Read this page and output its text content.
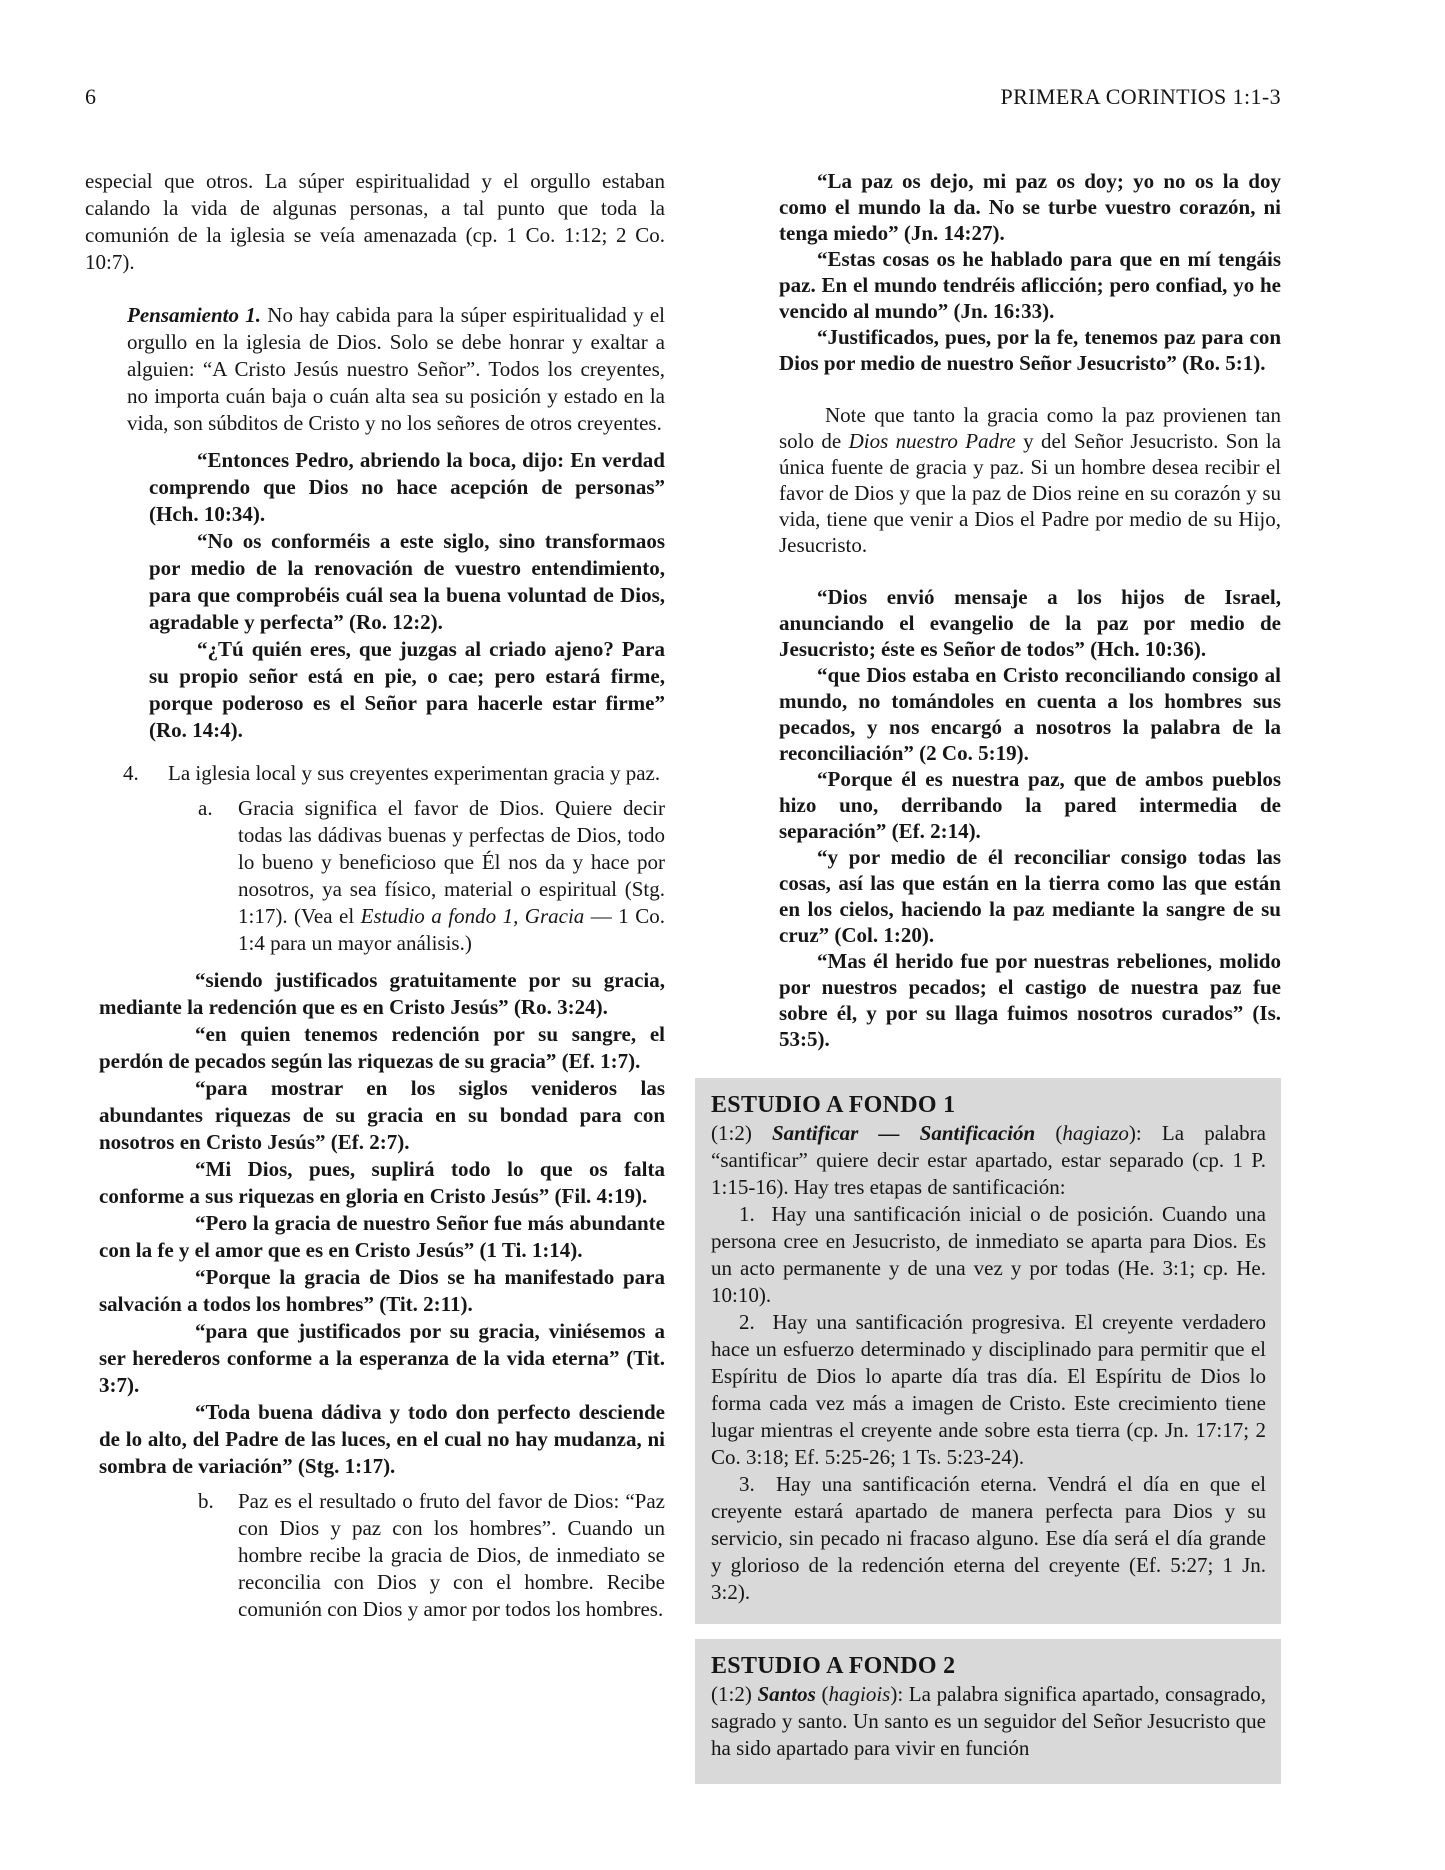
6	PRIMERA CORINTIOS 1:1-3

especial que otros. La súper espiritualidad y el orgullo estaban calando la vida de algunas personas, a tal punto que toda la comunión de la iglesia se veía amenazada (cp. 1 Co. 1:12; 2 Co. 10:7).

Pensamiento 1. No hay cabida para la súper espiritualidad y el orgullo en la iglesia de Dios. Solo se debe honrar y exaltar a alguien: “A Cristo Jesús nuestro Señor”. Todos los creyentes, no importa cuán baja o cuán alta sea su posición y estado en la vida, son súbditos de Cristo y no los señores de otros creyentes.

“Entonces Pedro, abriendo la boca, dijo: En verdad comprendo que Dios no hace acepción de personas” (Hch. 10:34).

“No os conforméis a este siglo, sino transformaos por medio de la renovación de vuestro entendimiento, para que comprobéis cuál sea la buena voluntad de Dios, agradable y perfecta” (Ro. 12:2).

“¿Tú quién eres, que juzgas al criado ajeno? Para su propio señor está en pie, o cae; pero estará firme, porque poderoso es el Señor para hacerle estar firme” (Ro. 14:4).

4. La iglesia local y sus creyentes experimentan gracia y paz.

a. Gracia significa el favor de Dios. Quiere decir todas las dádivas buenas y perfectas de Dios, todo lo bueno y beneficioso que Él nos da y hace por nosotros, ya sea físico, material o espiritual (Stg. 1:17). (Vea el Estudio a fondo 1, Gracia — 1 Co. 1:4 para un mayor análisis.)

“siendo justificados gratuitamente por su gracia, mediante la redención que es en Cristo Jesús” (Ro. 3:24).

“en quien tenemos redención por su sangre, el perdón de pecados según las riquezas de su gracia” (Ef. 1:7).

“para mostrar en los siglos venideros las abundantes riquezas de su gracia en su bondad para con nosotros en Cristo Jesús” (Ef. 2:7).

“Mi Dios, pues, suplirá todo lo que os falta conforme a sus riquezas en gloria en Cristo Jesús” (Fil. 4:19).

“Pero la gracia de nuestro Señor fue más abundante con la fe y el amor que es en Cristo Jesús” (1 Ti. 1:14).

“Porque la gracia de Dios se ha manifestado para salvación a todos los hombres” (Tit. 2:11).

“para que justificados por su gracia, viniésemos a ser herederos conforme a la esperanza de la vida eterna” (Tit. 3:7).

“Toda buena dádiva y todo don perfecto desciende de lo alto, del Padre de las luces, en el cual no hay mudanza, ni sombra de variación” (Stg. 1:17).

b. Paz es el resultado o fruto del favor de Dios: “Paz con Dios y paz con los hombres”. Cuando un hombre recibe la gracia de Dios, de inmediato se reconcilia con Dios y con el hombre. Recibe comunión con Dios y amor por todos los hombres.

“La paz os dejo, mi paz os doy; yo no os la doy como el mundo la da. No se turbe vuestro corazón, ni tenga miedo” (Jn. 14:27).

“Estas cosas os he hablado para que en mí tengáis paz. En el mundo tendréis aflicción; pero confiad, yo he vencido al mundo” (Jn. 16:33).

“Justificados, pues, por la fe, tenemos paz para con Dios por medio de nuestro Señor Jesucristo” (Ro. 5:1).

Note que tanto la gracia como la paz provienen tan solo de Dios nuestro Padre y del Señor Jesucristo. Son la única fuente de gracia y paz. Si un hombre desea recibir el favor de Dios y que la paz de Dios reine en su corazón y su vida, tiene que venir a Dios el Padre por medio de su Hijo, Jesucristo.

“Dios envió mensaje a los hijos de Israel, anunciando el evangelio de la paz por medio de Jesucristo; éste es Señor de todos” (Hch. 10:36).

“que Dios estaba en Cristo reconciliando consigo al mundo, no tomándoles en cuenta a los hombres sus pecados, y nos encargó a nosotros la palabra de la reconciliación” (2 Co. 5:19).

“Porque él es nuestra paz, que de ambos pueblos hizo uno, derribando la pared intermedia de separación” (Ef. 2:14).

“y por medio de él reconciliar consigo todas las cosas, así las que están en la tierra como las que están en los cielos, haciendo la paz mediante la sangre de su cruz” (Col. 1:20).

“Mas él herido fue por nuestras rebeliones, molido por nuestros pecados; el castigo de nuestra paz fue sobre él, y por su llaga fuimos nosotros curados” (Is. 53:5).

ESTUDIO A FONDO 1

(1:2) Santificar — Santificación (hagiazo): La palabra “santificar” quiere decir estar apartado, estar separado (cp. 1 P. 1:15-16). Hay tres etapas de santificación:

1.  Hay una santificación inicial o de posición. Cuando una persona cree en Jesucristo, de inmediato se aparta para Dios. Es un acto permanente y de una vez y por todas (He. 3:1; cp. He. 10:10).

2.  Hay una santificación progresiva. El creyente verdadero hace un esfuerzo determinado y disciplinado para permitir que el Espíritu de Dios lo aparte día tras día. El Espíritu de Dios lo forma cada vez más a imagen de Cristo. Este crecimiento tiene lugar mientras el creyente ande sobre esta tierra (cp. Jn. 17:17; 2 Co. 3:18; Ef. 5:25-26; 1 Ts. 5:23-24).

3.  Hay una santificación eterna. Vendrá el día en que el creyente estará apartado de manera perfecta para Dios y su servicio, sin pecado ni fracaso alguno. Ese día será el día grande y glorioso de la redención eterna del creyente (Ef. 5:27; 1 Jn. 3:2).

ESTUDIO A FONDO 2

(1:2) Santos (hagiois): La palabra significa apartado, consagrado, sagrado y santo. Un santo es un seguidor del Señor Jesucristo que ha sido apartado para vivir en función
